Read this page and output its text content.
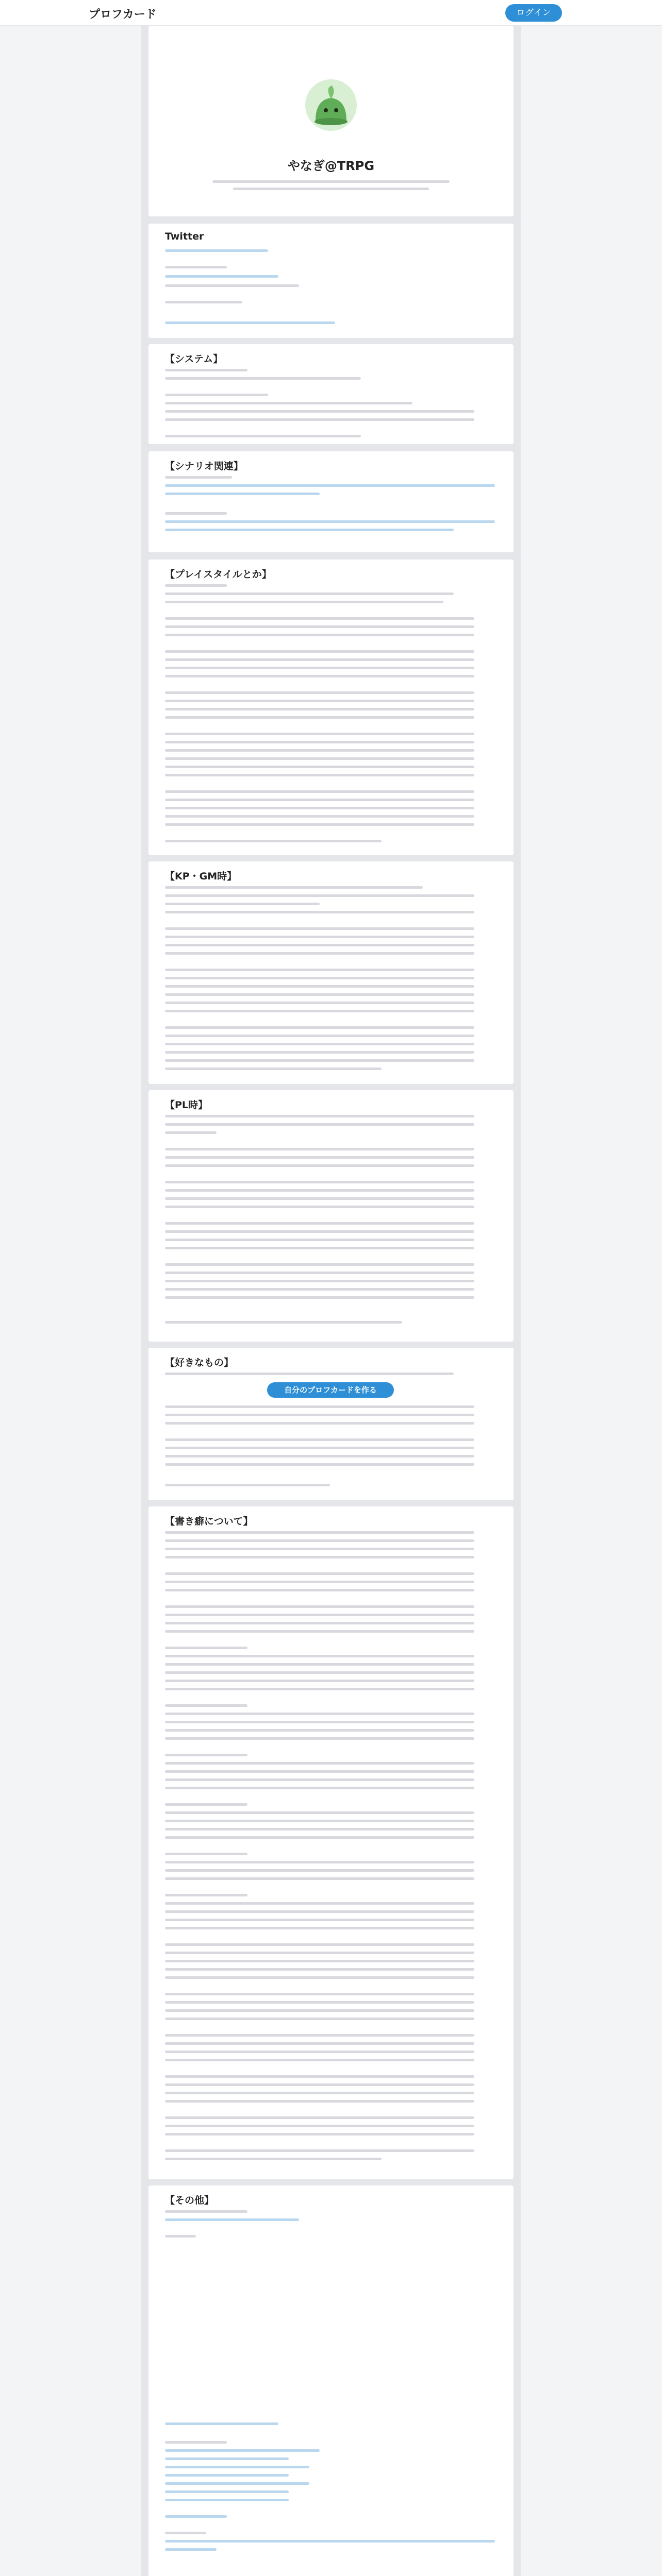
プロフカード	ログイン
やなぎ@TRPG
Twitter
【システム】
【シナリオ関連】
【プレイスタイルとか】
【KP・GM時】
【PL時】
【好きなもの】
自分のプロフカードを作る
【書き癖について】
【その他】
